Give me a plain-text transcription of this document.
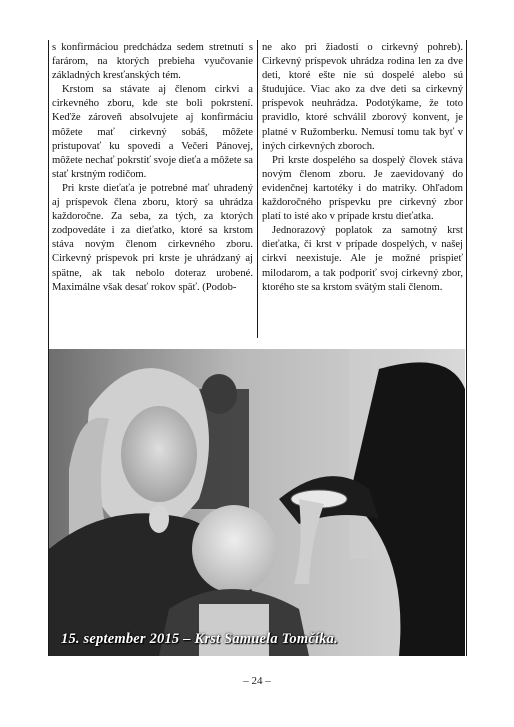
s konfirmáciou predchádza sedem stretnutí s farárom, na ktorých prebieha vyučovanie základných kresťanských tém.

Krstom sa stávate aj členom cirkvi a cirkevného zboru, kde ste boli pokrstení. Keďže zároveň absolvujete aj konfirmáciu môžete mať cirkevný sobáš, môžete pristupovať ku spovedi a Večeri Pánovej, môžete nechať pokrstiť svoje dieťa a môžete sa stať krstným rodičom.

Pri krste dieťaťa je potrebné mať uhradený aj príspevok člena zboru, ktorý sa uhrádza každoročne. Za seba, za tých, za ktorých zodpovedáte i za dieťatko, ktoré sa krstom stáva novým členom cirkevného zboru. Cirkevný príspevok pri krste je uhrádzaný aj spätne, ak tak nebolo doteraz urobené. Maximálne však desať rokov späť. (Podob-

ne ako pri žiadosti o cirkevný pohreb). Cirkevný príspevok uhrádza rodina len za dve deti, ktoré ešte nie sú dospelé alebo sú študujúce. Viac ako za dve deti sa cirkevný príspevok neuhrádza. Podotýkame, že toto pravidlo, ktoré schválil zborový konvent, je platné v Ružomberku. Nemusí tomu tak byť v iných cirkevných zboroch.

Pri krste dospelého sa dospelý človek stáva novým členom zboru. Je zaevidovaný do evidenčnej kartotéky i do matriky. Ohľadom každoročného príspevku pre cirkevný zbor platí to isté ako v prípade krstu dieťatka.

Jednorazový poplatok za samotný krst dieťatka, či krst v prípade dospelých, v našej cirkvi neexistuje. Ale je možné prispieť milodarom, a tak podporiť svoj cirkevný zbor, ktorého ste sa krstom svätým stali členom.

15. september 2015 – Krst Samuela Tomčíka.
– 24 –
